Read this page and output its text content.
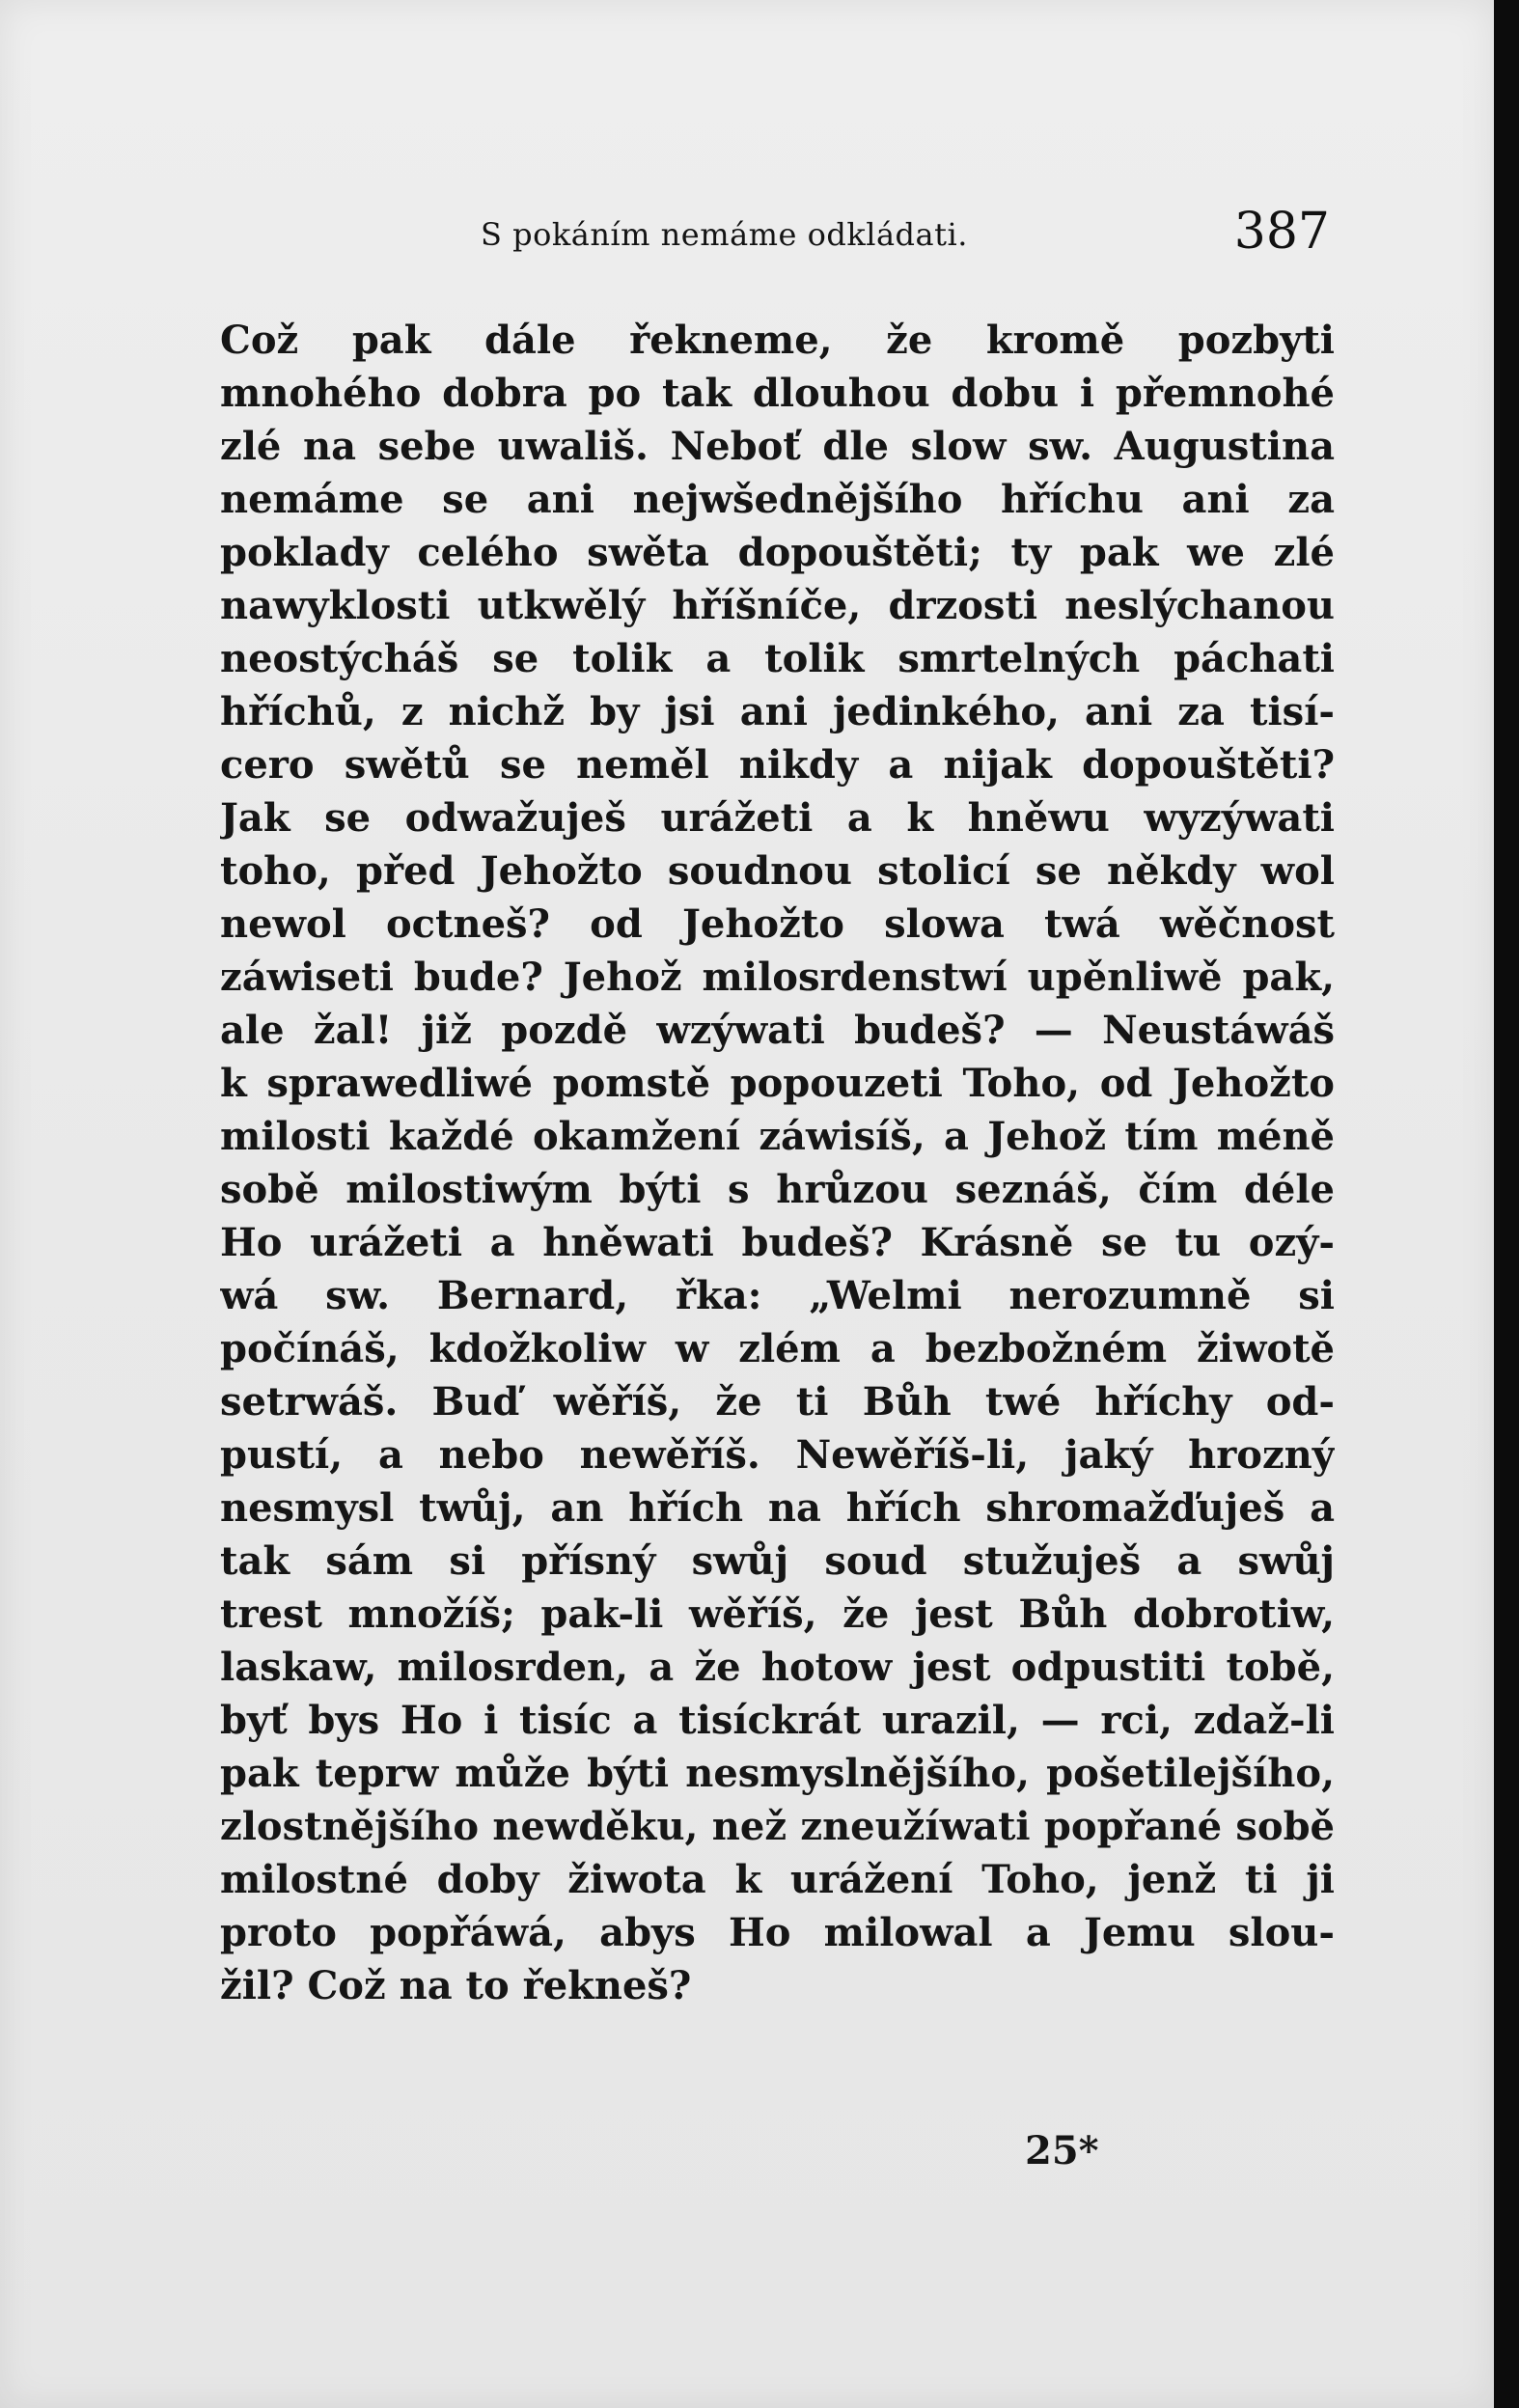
S pokáním nemáme odkládati.	387
Což pak dále řekneme, že kromě pozbyti
mnohého dobra po tak dlouhou dobu i přemnohé
zlé na sebe uwališ. Neboť dle slow sw. Augustina
nemáme se ani nejwšednějšího hříchu ani za
poklady celého swěta dopouštěti; ty pak we zlé
nawyklosti utkwělý hříšníče, drzosti neslýchanou
neostýcháš se tolik a tolik smrtelných páchati
hříchů, z nichž by jsi ani jedinkého, ani za tisí-
cero swětů se neměl nikdy a nijak dopouštěti?
Jak se odwažuješ urážeti a k hněwu wyzýwati
toho, před Jehožto soudnou stolicí se někdy wol
newol octneš? od Jehožto slowa twá wěčnost
záwiseti bude? Jehož milosrdenstwí upěnliwě pak,
ale žal! již pozdě wzýwati budeš? — Neustáwáš
k sprawedliwé pomstě popouzeti Toho, od Jehožto
milosti každé okamžení záwisíš, a Jehož tím méně
sobě milostiwým býti s hrůzou seznáš, čím déle
Ho urážeti a hněwati budeš? Krásně se tu ozý-
wá sw. Bernard, řka: „Welmi nerozumně si
počínáš, kdožkoliw w zlém a bezbožném žiwotě
setrwáš. Buď wěříš, že ti Bůh twé hříchy od-
pustí, a nebo newěříš. Newěříš-li, jaký hrozný
nesmysl twůj, an hřích na hřích shromažďuješ a
tak sám si přísný swůj soud stužuješ a swůj
trest množíš; pak-li wěříš, že jest Bůh dobrotiw,
laskaw, milosrden, a že hotow jest odpustiti tobě,
byť bys Ho i tisíc a tisíckrát urazil, — rci, zdaž-li
pak teprw může býti nesmyslnějšího, pošetilejšího,
zlostnějšího newděku, než zneužíwati popřané sobě
milostné doby žiwota k urážení Toho, jenž ti ji
proto popřáwá, abys Ho milowal a Jemu slou-
žil? Což na to řekneš?
25*
